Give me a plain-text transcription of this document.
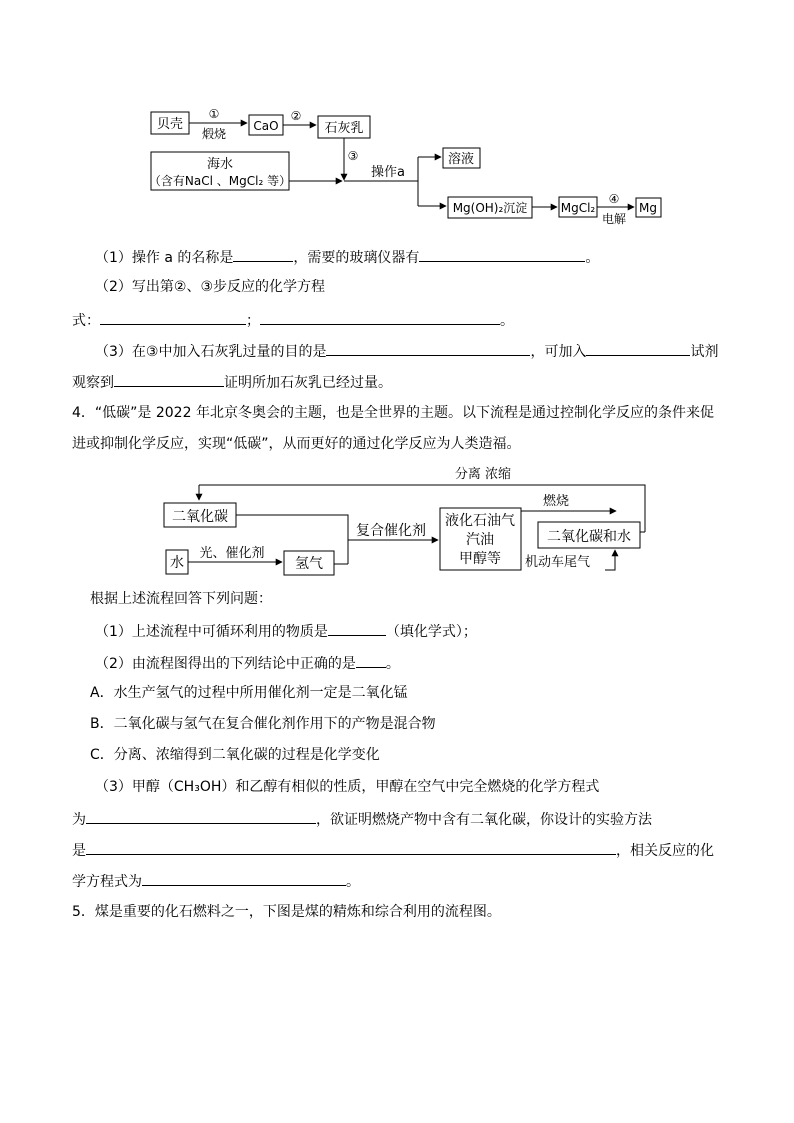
贝壳
①
煅烧
CaO
②
石灰乳
③
海水
（含有NaCl 、MgCl₂ 等）
操作a
溶液
Mg(OH)₂沉淀	MgCl₂
④
电解
Mg
（1）操作 a 的名称是	，需要的玻璃仪器有	。
（2）写出第②、③步反应的化学方程
式：	；	。
（3）在③中加入石灰乳过量的目的是	，可加入	试剂
观察到	证明所加石灰乳已经过量。
4．“低碳”是 2022 年北京冬奥会的主题，也是全世界的主题。以下流程是通过控制化学反应的条件来促
进或抑制化学反应，实现“低碳”，从而更好的通过化学反应为人类造福。
分离 浓缩
二氧化碳
水
光、催化剂
氢气
复合催化剂
液化石油气
汽油
甲醇等
燃烧
二氧化碳和水
机动车尾气
根据上述流程回答下列问题：
（1）上述流程中可循环利用的物质是	（填化学式）；
（2）由流程图得出的下列结论中正确的是 。
A．水生产氢气的过程中所用催化剂一定是二氧化锰
B．二氧化碳与氢气在复合催化剂作用下的产物是混合物
C．分离、浓缩得到二氧化碳的过程是化学变化
（3）甲醇（CH₃OH）和乙醇有相似的性质，甲醇在空气中完全燃烧的化学方程式
为	，欲证明燃烧产物中含有二氧化碳，你设计的实验方法
是	，相关反应的化
学方程式为	。
5．煤是重要的化石燃料之一，下图是煤的精炼和综合利用的流程图。
